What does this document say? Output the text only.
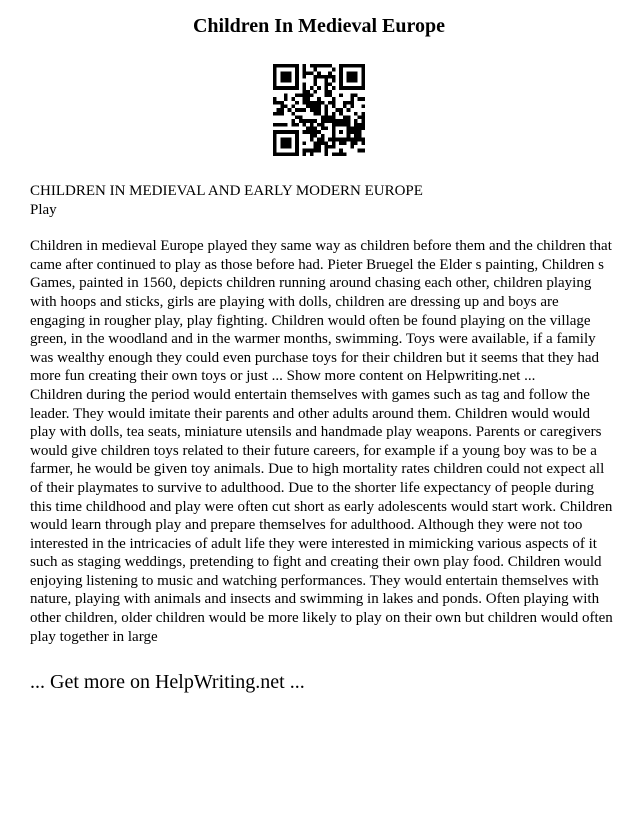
Children In Medieval Europe

CHILDREN IN MEDIEVAL AND EARLY MODERN EUROPE

Play

Children in medieval Europe played they same way as children before them and the children that came after continued to play as those before had. Pieter Bruegel the Elder s painting, Children s Games, painted in 1560, depicts children running around chasing each other, children playing with hoops and sticks, girls are playing with dolls, children are dressing up and boys are engaging in rougher play, play fighting. Children would often be found playing on the village green, in the woodland and in the warmer months, swimming. Toys were available, if a family was wealthy enough they could even purchase toys for their children but it seems that they had more fun creating their own toys or just ... Show more content on Helpwriting.net ...

Children during the period would entertain themselves with games such as tag and follow the leader. They would imitate their parents and other adults around them. Children would would play with dolls, tea seats, miniature utensils and handmade play weapons. Parents or caregivers would give children toys related to their future careers, for example if a young boy was to be a farmer, he would be given toy animals. Due to high mortality rates children could not expect all of their playmates to survive to adulthood. Due to the shorter life expectancy of people during this time childhood and play were often cut short as early adolescents would start work. Children would learn through play and prepare themselves for adulthood. Although they were not too interested in the intricacies of adult life they were interested in mimicking various aspects of it such as staging weddings, pretending to fight and creating their own play food. Children would enjoying listening to music and watching performances. They would entertain themselves with nature, playing with animals and insects and swimming in lakes and ponds. Often playing with other children, older children would be more likely to play on their own but children would often play together in large

... Get more on HelpWriting.net ...
